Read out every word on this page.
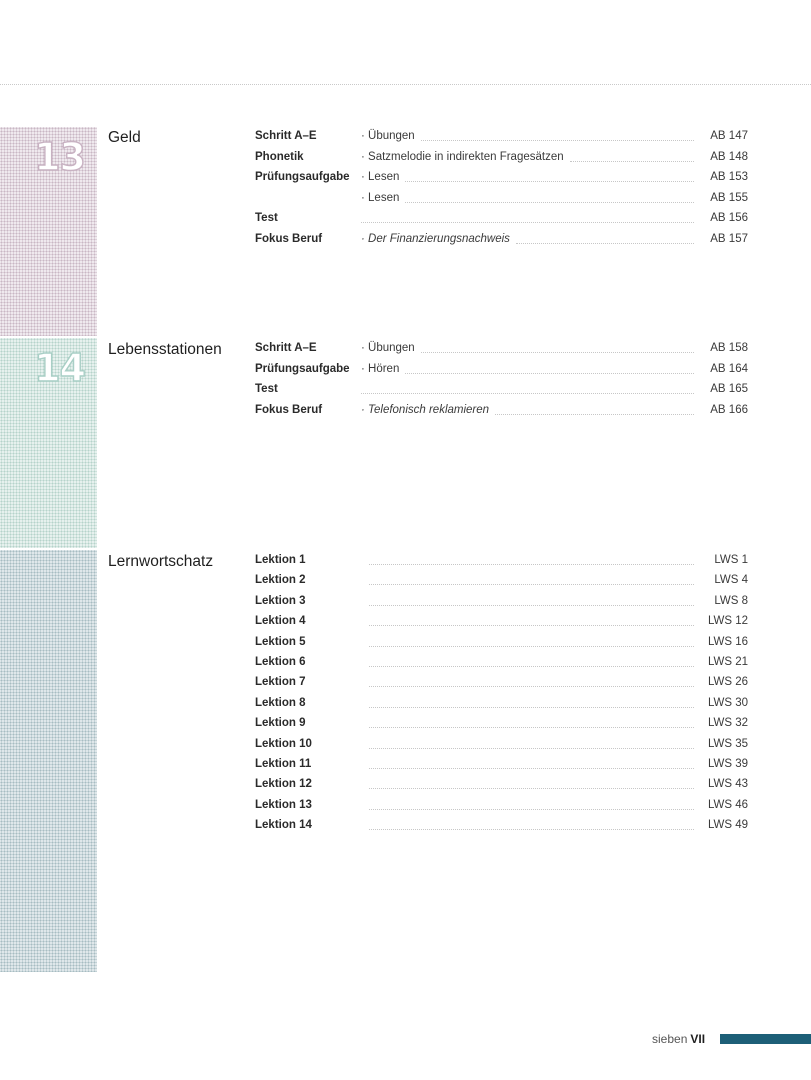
13 Geld	Schritt A–E	· Übungen	AB 147
Phonetik	· Satzmelodie in indirekten Fragesätzen	AB 148
Prüfungsaufgabe · Lesen	AB 153
· Lesen	AB 155
Test	AB 156
Fokus Beruf	· Der Finanzierungsnachweis	AB 157
14 Lebensstationen	Schritt A–E	· Übungen	AB 158
Prüfungsaufgabe · Hören	AB 164
Test	AB 165
Fokus Beruf	· Telefonisch reklamieren	AB 166
Lernwortschatz	Lektion 1	LWS 1
Lektion 2	LWS 4
Lektion 3	LWS 8
Lektion 4	LWS 12
Lektion 5	LWS 16
Lektion 6	LWS 21
Lektion 7	LWS 26
Lektion 8	LWS 30
Lektion 9	LWS 32
Lektion 10	LWS 35
Lektion 11	LWS 39
Lektion 12	LWS 43
Lektion 13	LWS 46
Lektion 14	LWS 49
sieben VII
